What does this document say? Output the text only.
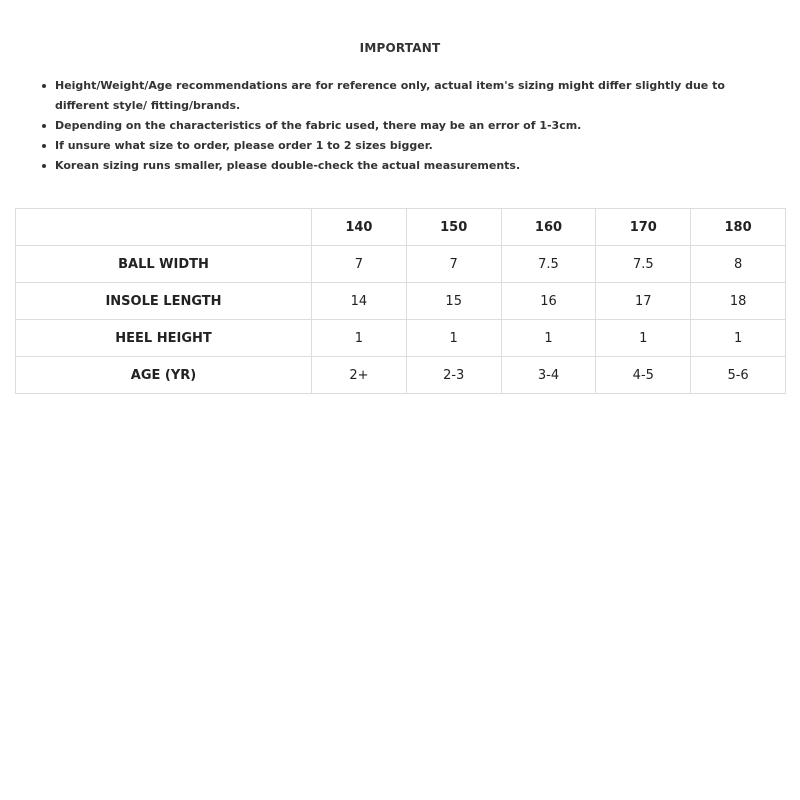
IMPORTANT
Height/Weight/Age recommendations are for reference only, actual item's sizing might differ slightly due to different style/ fitting/brands.
Depending on the characteristics of the fabric used, there may be an error of 1-3cm.
If unsure what size to order, please order 1 to 2 sizes bigger.
Korean sizing runs smaller, please double-check the actual measurements.
	140	150	160	170	180
BALL WIDTH	7	7	7.5	7.5	8
INSOLE LENGTH	14	15	16	17	18
HEEL HEIGHT	1	1	1	1	1
AGE (YR)	2+	2-3	3-4	4-5	5-6
